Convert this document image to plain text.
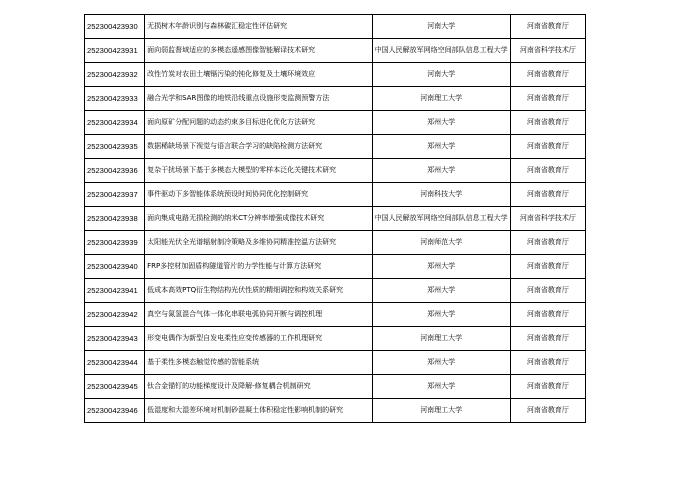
252300423930	无损树木年龄识别与森林碳汇稳定性评估研究	河南大学	河南省教育厅
252300423931	面向弱监督域适应的多模态遥感图像智能解译技术研究	中国人民解放军网络空间部队信息工程大学	河南省科学技术厅
252300423932	改性竹炭对农田土壤镉污染的钝化修复及土壤环境效应	河南大学	河南省教育厅
252300423933	融合光学和SAR图像的地铁沿线重点设施形变监测预警方法	河南理工大学	河南省教育厅
252300423934	面向原矿分配问题的动态约束多目标进化优化方法研究	郑州大学	河南省教育厅
252300423935	数据稀缺场景下视觉与语言联合学习的缺陷检测方法研究	郑州大学	河南省教育厅
252300423936	复杂干扰场景下基于多模态大模型的零样本泛化关键技术研究	郑州大学	河南省教育厅
252300423937	事件驱动下多智能体系统预设时间协同优化控制研究	河南科技大学	河南省教育厅
252300423938	面向集成电路无损检测的纳米CT分辨率增强成像技术研究	中国人民解放军网络空间部队信息工程大学	河南省科学技术厅
252300423939	太阳能光伏全光谱辐射制冷策略及多维协同精准控温方法研究	河南师范大学	河南省教育厅
252300423940	FRP多控材加固盾构隧道管片的力学性能与计算方法研究	郑州大学	河南省教育厅
252300423941	低成本高效PTQ衍生物结构光伏性质的精细调控和构效关系研究	郑州大学	河南省教育厅
252300423942	真空与氮氢混合气体一体化串联电弧协同开断与调控机理	郑州大学	河南省教育厅
252300423943	形变电偶作为新型自发电柔性应变传感器的工作机理研究	河南理工大学	河南省教育厅
252300423944	基于柔性多模态触觉传感的智能系统	郑州大学	河南省教育厅
252300423945	钛合金锚钉的功能梯度设计及降解-修复耦合机制研究	郑州大学	河南省教育厅
252300423946	低湿度和大湿差环境对机制砂混凝土体积稳定性影响机制的研究	河南理工大学	河南省教育厅
